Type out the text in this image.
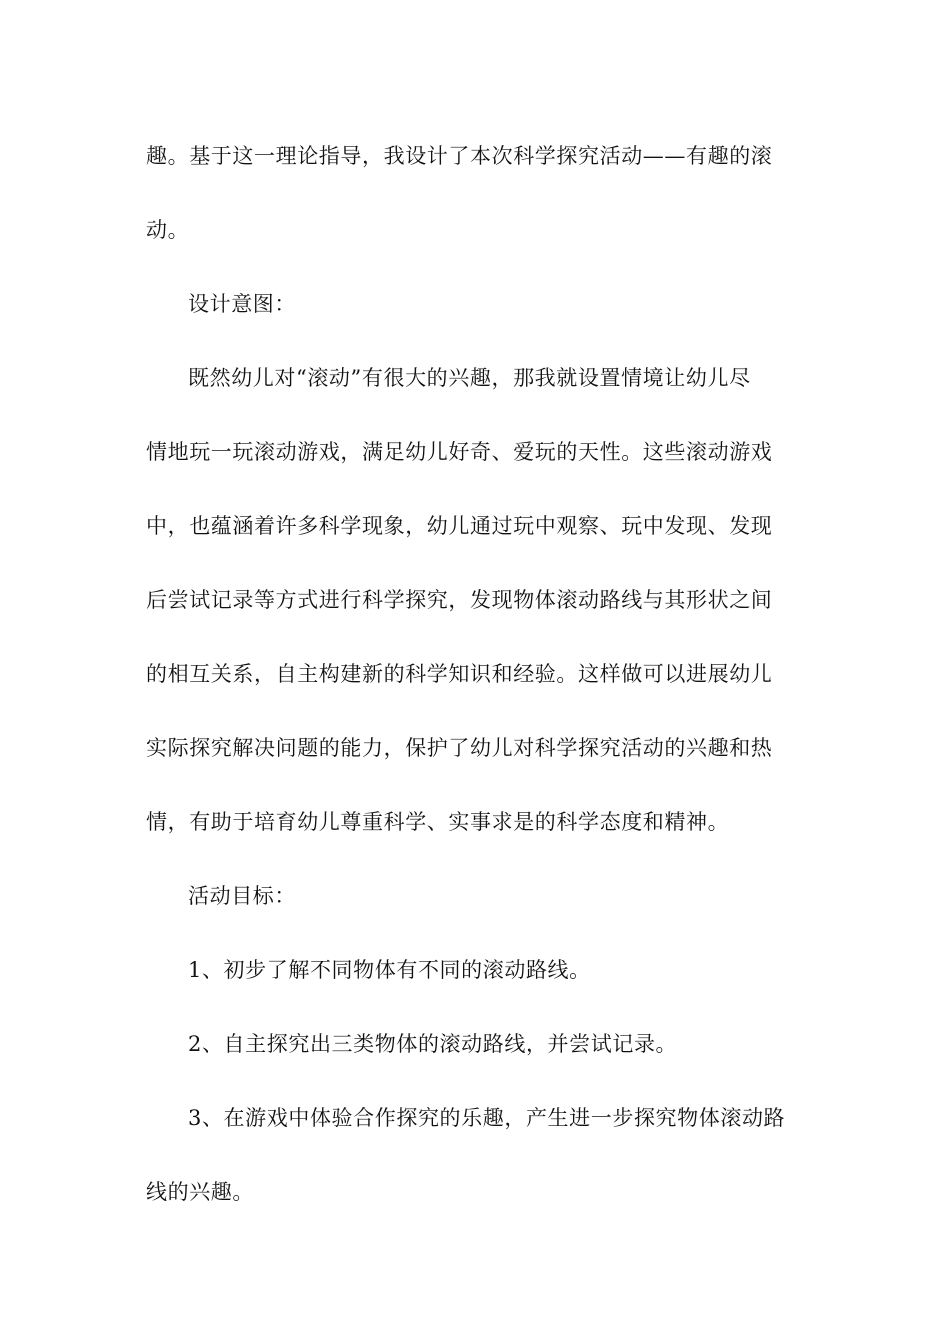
趣。基于这一理论指导，我设计了本次科学探究活动——有趣的滚
动。
设计意图：
既然幼儿对“滚动”有很大的兴趣，那我就设置情境让幼儿尽
情地玩一玩滚动游戏，满足幼儿好奇、爱玩的天性。这些滚动游戏
中，也蕴涵着许多科学现象，幼儿通过玩中观察、玩中发现、发现
后尝试记录等方式进行科学探究，发现物体滚动路线与其形状之间
的相互关系，自主构建新的科学知识和经验。这样做可以进展幼儿
实际探究解决问题的能力，保护了幼儿对科学探究活动的兴趣和热
情，有助于培育幼儿尊重科学、实事求是的科学态度和精神。
活动目标：
1、初步了解不同物体有不同的滚动路线。
2、自主探究出三类物体的滚动路线，并尝试记录。
3、在游戏中体验合作探究的乐趣，产生进一步探究物体滚动路
线的兴趣。
